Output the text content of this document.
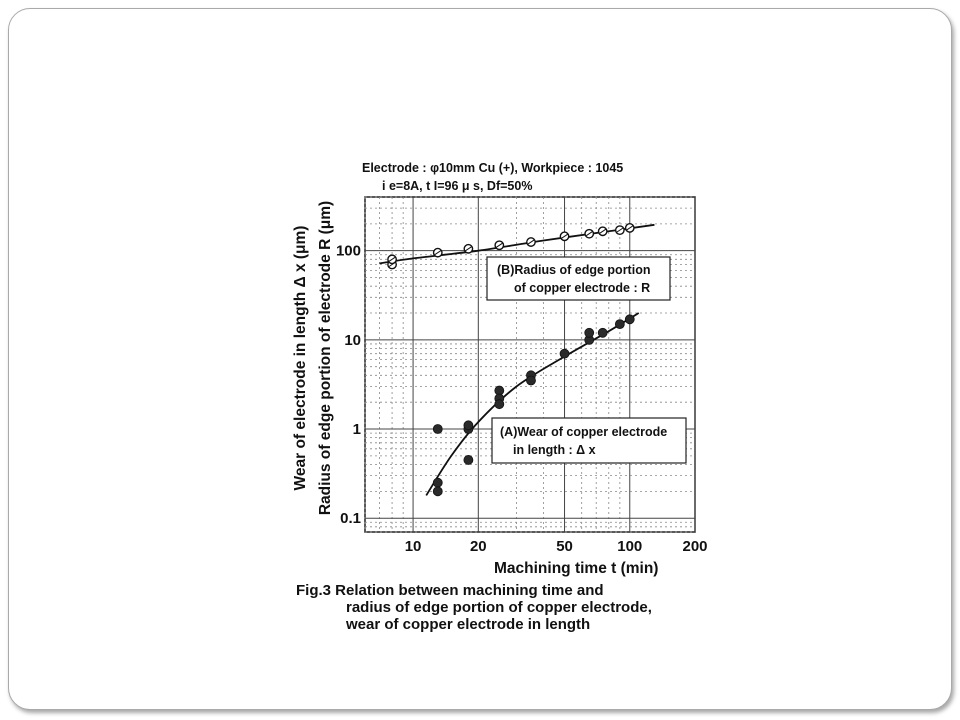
Electrode : φ10mm Cu (+), Workpiece : 1045
i e=8A, t I=96 μ s, Df=50%
Wear of electrode in length Δ x (μm) Radius of edge portion of electrode R (μm)
10	20	50	100	200
100
10
1
0.1
(B)Radius of edge portion
of copper electrode : R
(A)Wear of copper electrode
in length : Δ x
Machining time t (min)
Fig.3 Relation between machining time and
radius of edge portion of copper electrode,
wear of copper electrode in length
